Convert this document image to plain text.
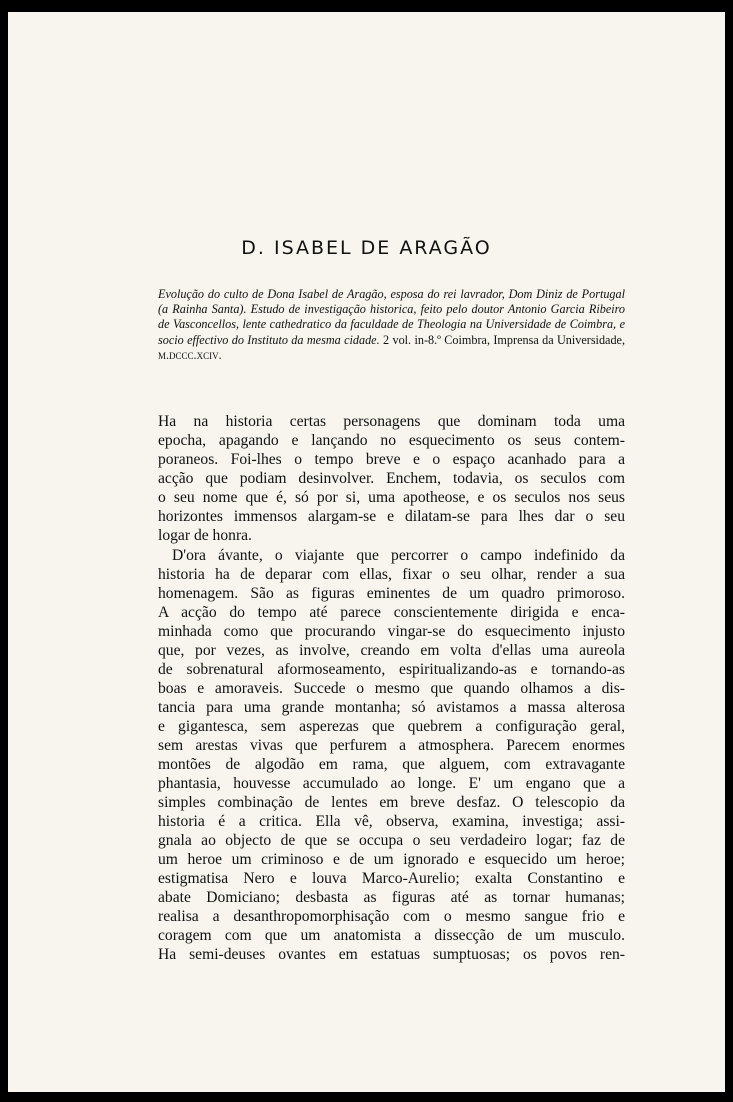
D. ISABEL DE ARAGÃO
Evolução do culto de Dona Isabel de Aragão, esposa do rei lavrador, Dom Diniz de Portugal (a Rainha Santa). Estudo de investigação historica, feito pelo doutor Antonio Garcia Ribeiro de Vasconcellos, lente cathedratico da faculdade de Theologia na Universidade de Coimbra, e socio effectivo do Instituto da mesma cidade. 2 vol. in-8.º Coimbra, Imprensa da Universidade, m.dccc.xciv.
Ha na historia certas personagens que dominam toda uma
epocha, apagando e lançando no esquecimento os seus contem-
poraneos. Foi-lhes o tempo breve e o espaço acanhado para a
acção que podiam desinvolver. Enchem, todavia, os seculos com
o seu nome que é, só por si, uma apotheose, e os seculos nos seus
horizontes immensos alargam-se e dilatam-se para lhes dar o seu
logar de honra.
D'ora ávante, o viajante que percorrer o campo indefinido da
historia ha de deparar com ellas, fixar o seu olhar, render a sua
homenagem. São as figuras eminentes de um quadro primoroso.
A acção do tempo até parece conscientemente dirigida e enca-
minhada como que procurando vingar-se do esquecimento injusto
que, por vezes, as involve, creando em volta d'ellas uma aureola
de sobrenatural aformoseamento, espiritualizando-as e tornando-as
boas e amoraveis. Succede o mesmo que quando olhamos a dis-
tancia para uma grande montanha; só avistamos a massa alterosa
e gigantesca, sem asperezas que quebrem a configuração geral,
sem arestas vivas que perfurem a atmosphera. Parecem enormes
montões de algodão em rama, que alguem, com extravagante
phantasia, houvesse accumulado ao longe. E' um engano que a
simples combinação de lentes em breve desfaz. O telescopio da
historia é a critica. Ella vê, observa, examina, investiga; assi-
gnala ao objecto de que se occupa o seu verdadeiro logar; faz de
um heroe um criminoso e de um ignorado e esquecido um heroe;
estigmatisa Nero e louva Marco-Aurelio; exalta Constantino e
abate Domiciano; desbasta as figuras até as tornar humanas;
realisa a desanthropomorphisação com o mesmo sangue frio e
coragem com que um anatomista a dissecção de um musculo.
Ha semi-deuses ovantes em estatuas sumptuosas; os povos ren-
